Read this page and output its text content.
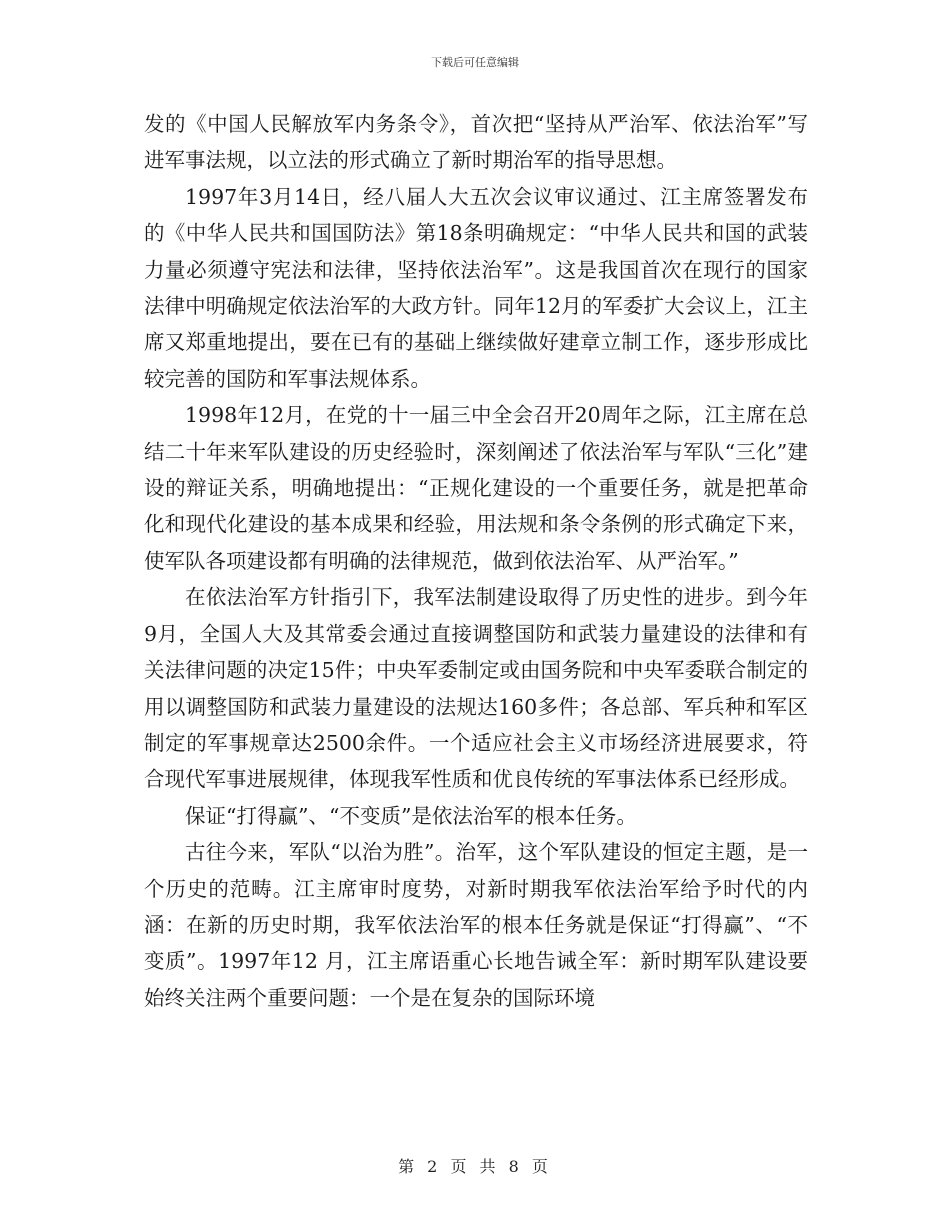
下载后可任意编辑

发的《中国人民解放军内务条令》，首次把“坚持从严治军、依法治军”写进军事法规，以立法的形式确立了新时期治军的指导思想。

1997年3月14日，经八届人大五次会议审议通过、江主席签署发布的《中华人民共和国国防法》第18条明确规定：“中华人民共和国的武装力量必须遵守宪法和法律，坚持依法治军”。这是我国首次在现行的国家法律中明确规定依法治军的大政方针。同年12月的军委扩大会议上，江主席又郑重地提出，要在已有的基础上继续做好建章立制工作，逐步形成比较完善的国防和军事法规体系。

1998年12月，在党的十一届三中全会召开20周年之际，江主席在总结二十年来军队建设的历史经验时，深刻阐述了依法治军与军队“三化”建设的辩证关系，明确地提出：“正规化建设的一个重要任务，就是把革命化和现代化建设的基本成果和经验，用法规和条令条例的形式确定下来，使军队各项建设都有明确的法律规范，做到依法治军、从严治军。”

在依法治军方针指引下，我军法制建设取得了历史性的进步。到今年9月，全国人大及其常委会通过直接调整国防和武装力量建设的法律和有关法律问题的决定15件；中央军委制定或由国务院和中央军委联合制定的用以调整国防和武装力量建设的法规达160多件；各总部、军兵种和军区制定的军事规章达2500余件。一个适应社会主义市场经济进展要求，符合现代军事进展规律，体现我军性质和优良传统的军事法体系已经形成。

保证“打得赢”、“不变质”是依法治军的根本任务。

古往今来，军队“以治为胜”。治军，这个军队建设的恒定主题，是一个历史的范畴。江主席审时度势，对新时期我军依法治军给予时代的内涵：在新的历史时期，我军依法治军的根本任务就是保证“打得赢”、“不变质”。1997年12 月，江主席语重心长地告诫全军：新时期军队建设要始终关注两个重要问题：一个是在复杂的国际环境

第 2 页 共 8 页
